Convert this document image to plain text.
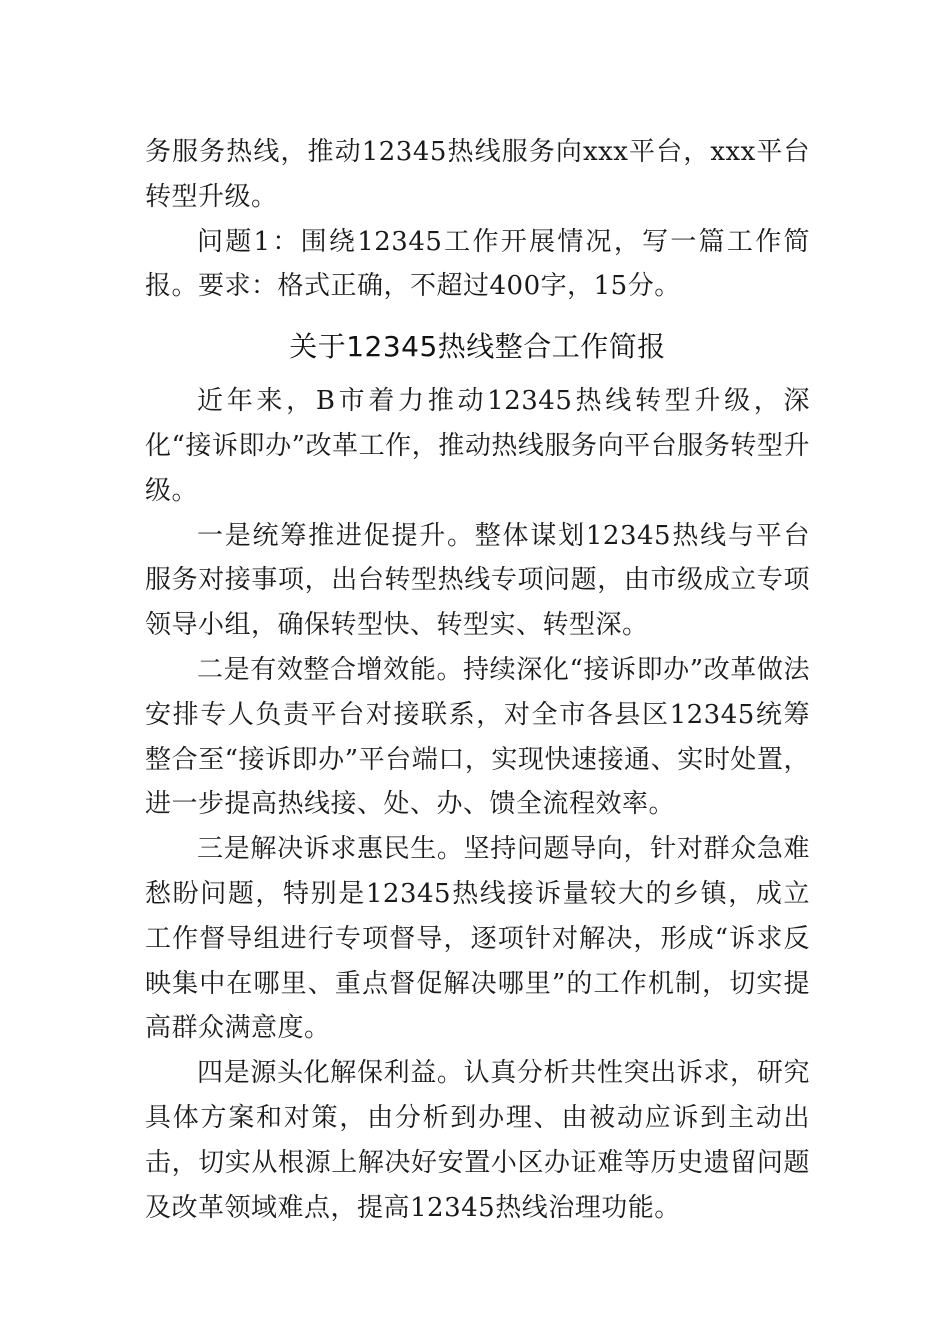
务服务热线，推动12345热线服务向xxx平台，xxx平台转型升级。

问题1：围绕12345工作开展情况，写一篇工作简报。要求：格式正确，不超过400字，15分。

关于12345热线整合工作简报

近年来，B市着力推动12345热线转型升级，深化“接诉即办”改革工作，推动热线服务向平台服务转型升级。

一是统筹推进促提升。整体谋划12345热线与平台服务对接事项，出台转型热线专项问题，由市级成立专项领导小组，确保转型快、转型实、转型深。

二是有效整合增效能。持续深化“接诉即办”改革做法安排专人负责平台对接联系，对全市各县区12345统筹整合至“接诉即办”平台端口，实现快速接通、实时处置，进一步提高热线接、处、办、馈全流程效率。

三是解决诉求惠民生。坚持问题导向，针对群众急难愁盼问题，特别是12345热线接诉量较大的乡镇，成立工作督导组进行专项督导，逐项针对解决，形成“诉求反映集中在哪里、重点督促解决哪里”的工作机制，切实提高群众满意度。

四是源头化解保利益。认真分析共性突出诉求，研究具体方案和对策，由分析到办理、由被动应诉到主动出击，切实从根源上解决好安置小区办证难等历史遗留问题及改革领域难点，提高12345热线治理功能。
